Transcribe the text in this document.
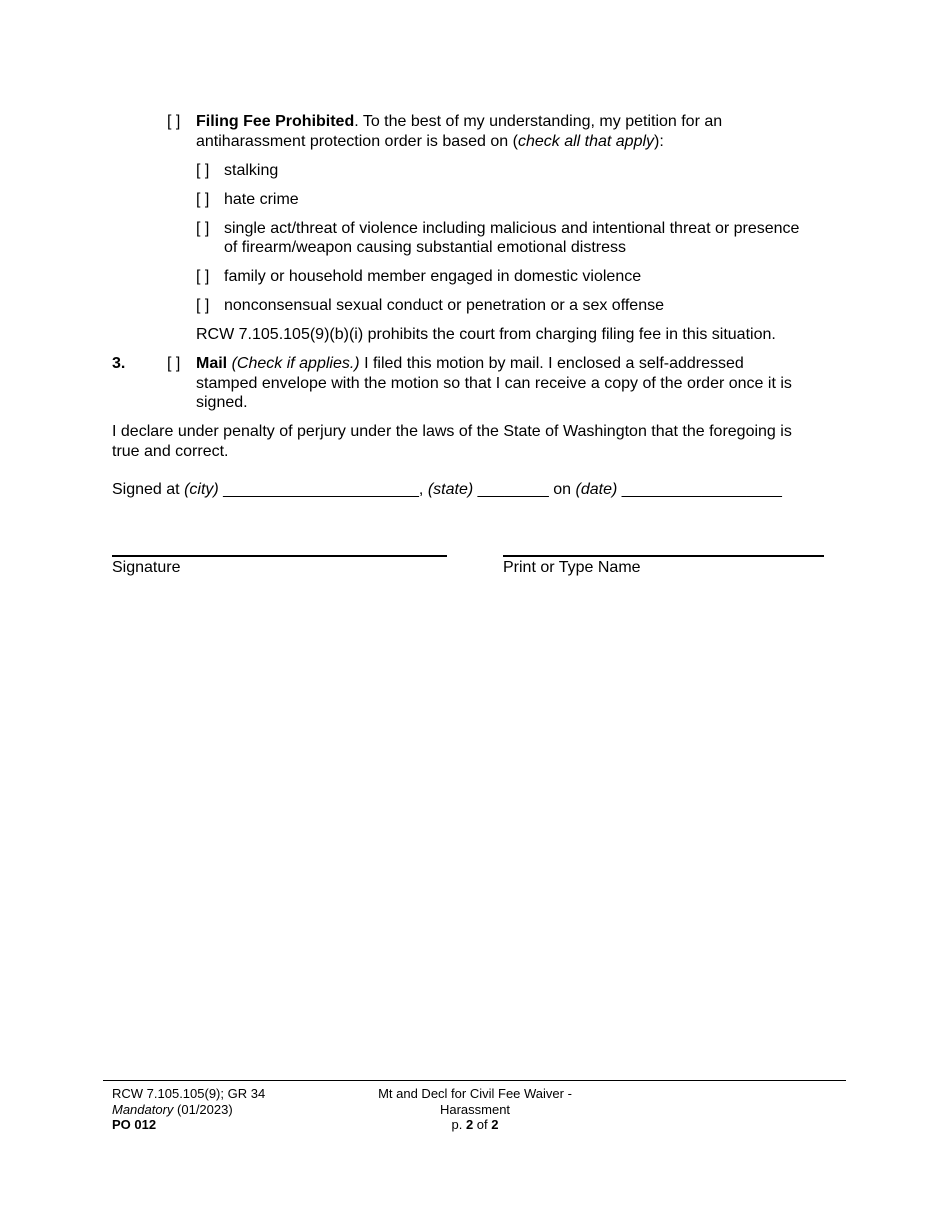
[ ] Filing Fee Prohibited. To the best of my understanding, my petition for an
antiharassment protection order is based on (check all that apply):
[ ] stalking
[ ] hate crime
[ ] single act/threat of violence including malicious and intentional threat or presence
of firearm/weapon causing substantial emotional distress
[ ] family or household member engaged in domestic violence
[ ] nonconsensual sexual conduct or penetration or a sex offense
RCW 7.105.105(9)(b)(i) prohibits the court from charging filing fee in this situation.
3.	[ ] Mail (Check if applies.) I filed this motion by mail. I enclosed a self-addressed
stamped envelope with the motion so that I can receive a copy of the order once it is
signed.
I declare under penalty of perjury under the laws of the State of Washington that the foregoing is
true and correct.
Signed at (city) ______________________, (state) ________ on (date) __________________
Signature	Print or Type Name
RCW 7.105.105(9); GR 34
Mandatory (01/2023)
PO 012
Mt and Decl for Civil Fee Waiver -
Harassment
p. 2 of 2
